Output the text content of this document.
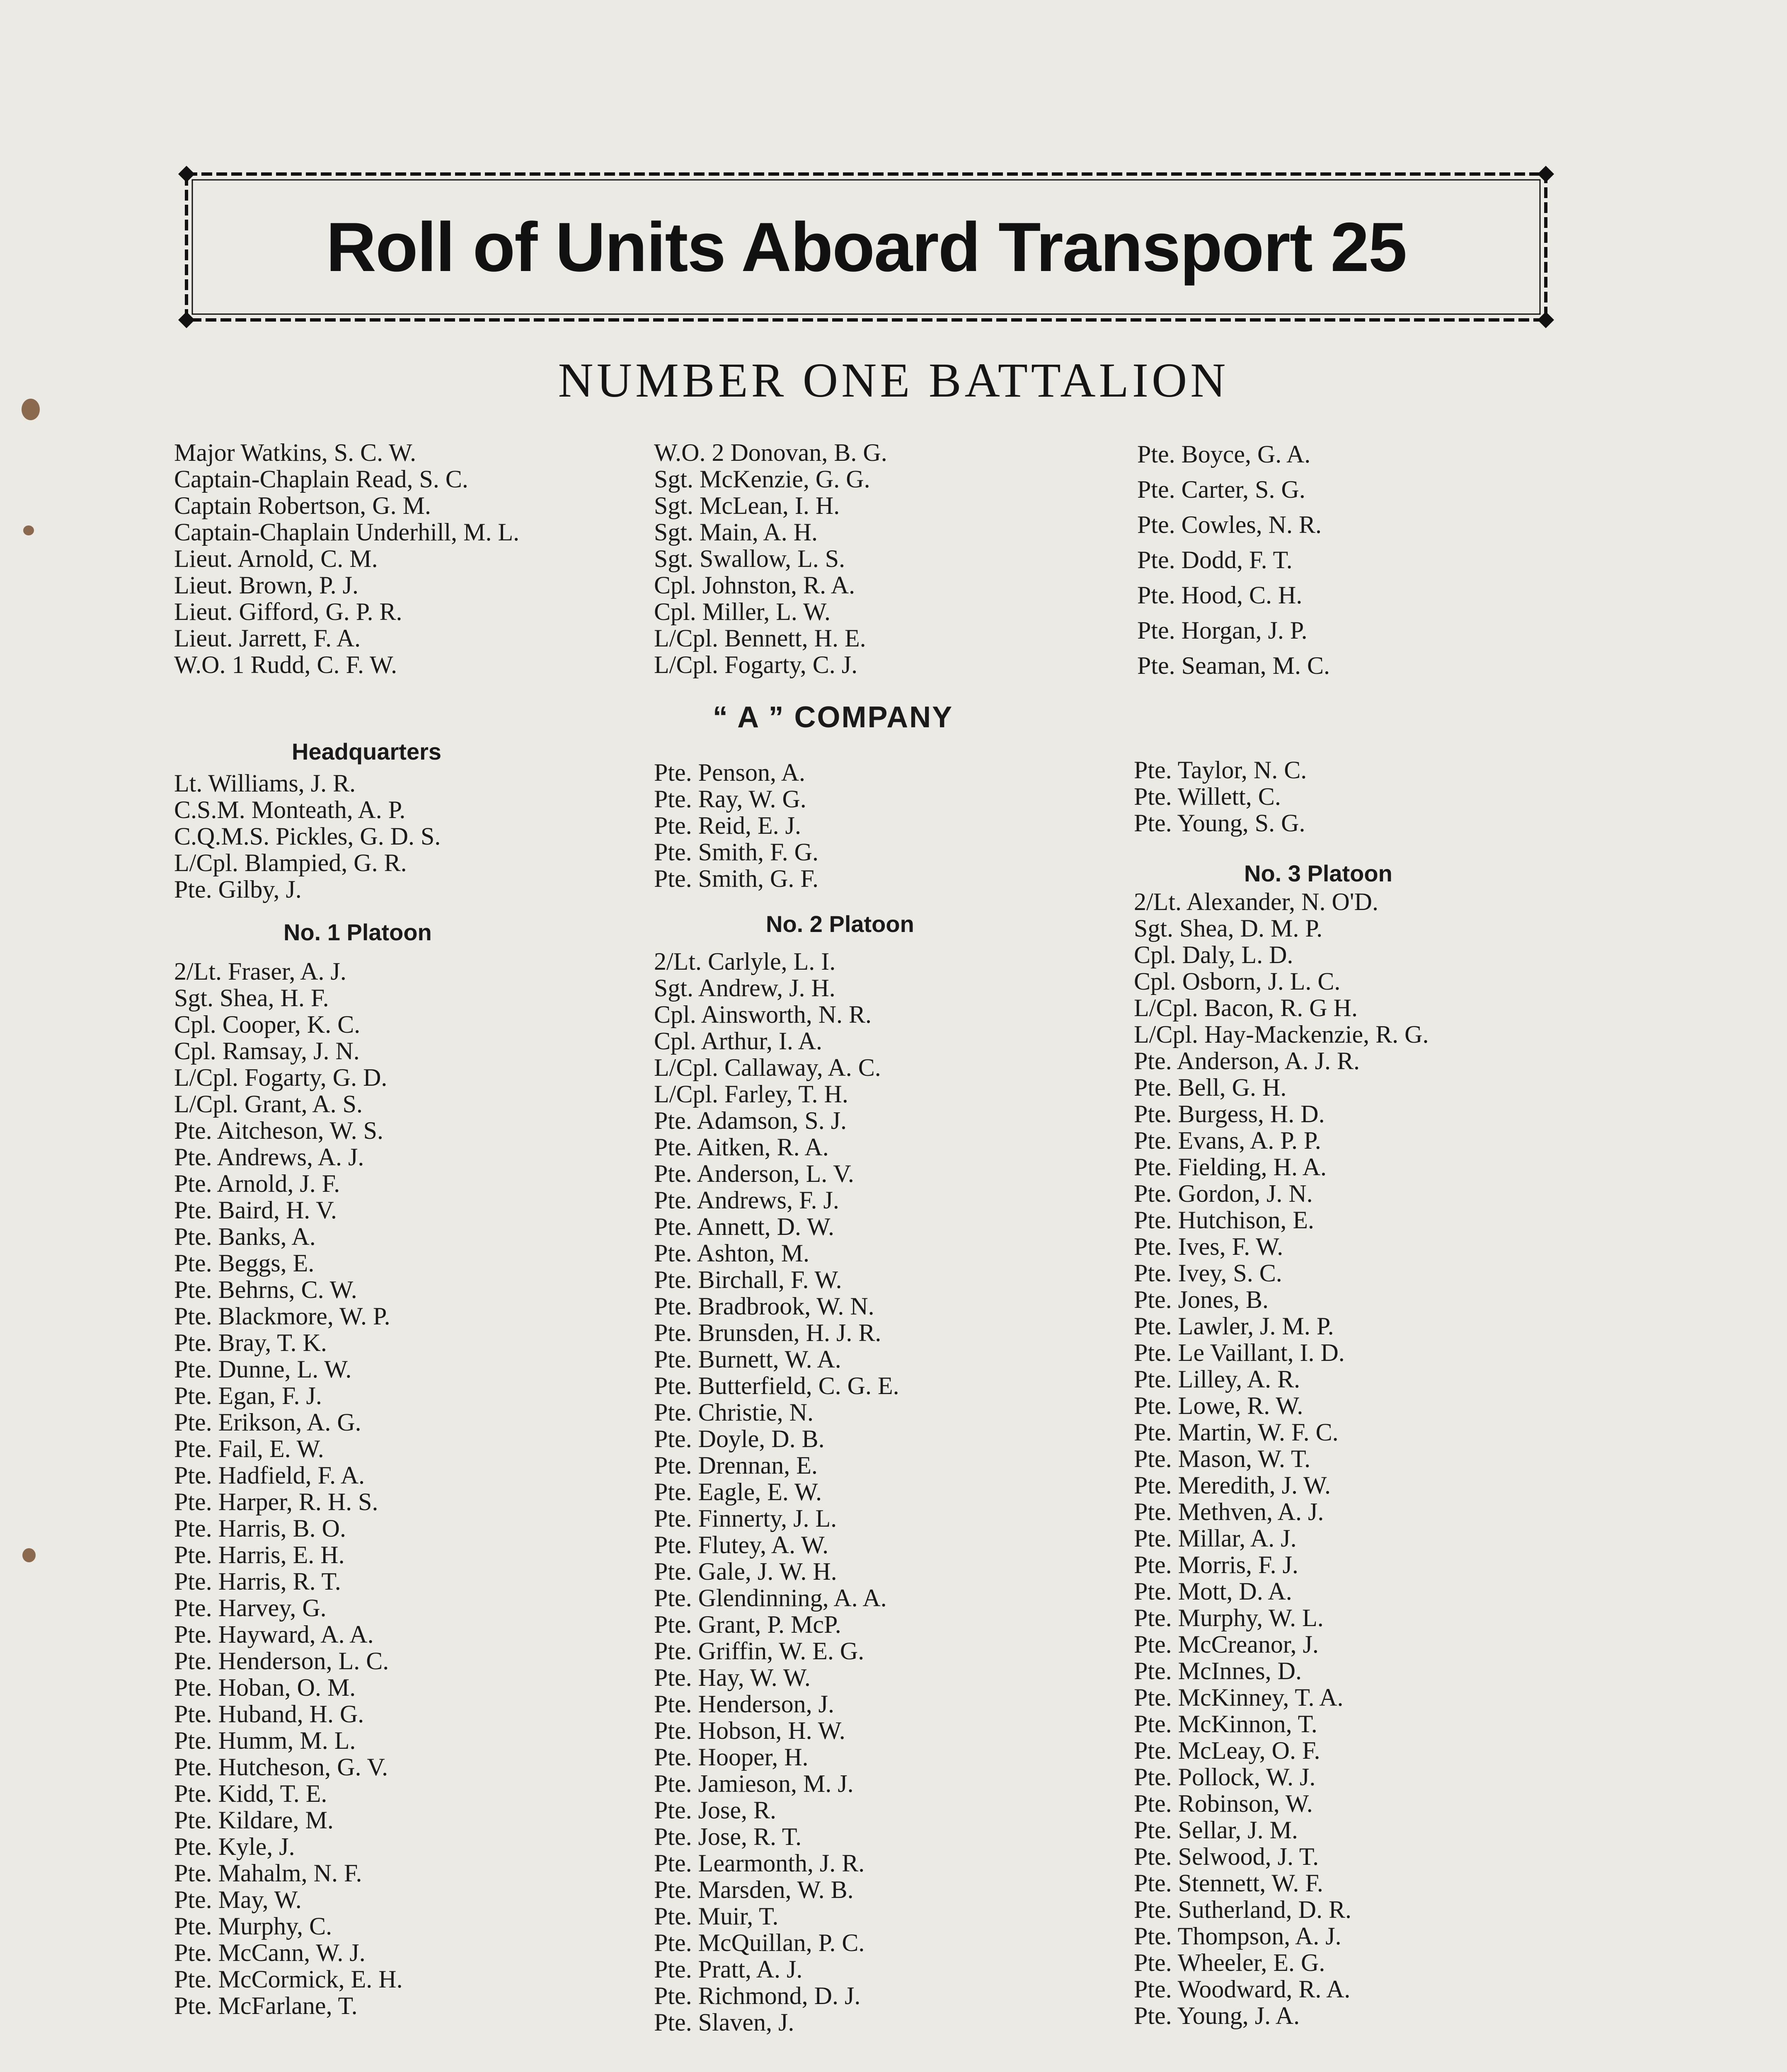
Roll of Units Aboard Transport 25
NUMBER ONE BATTALION
Major Watkins, S. C. W.
Captain-Chaplain Read, S. C.
Captain Robertson, G. M.
Captain-Chaplain Underhill, M. L.
Lieut. Arnold, C. M.
Lieut. Brown, P. J.
Lieut. Gifford, G. P. R.
Lieut. Jarrett, F. A.
W.O. 1 Rudd, C. F. W.
Headquarters
Lt. Williams, J. R.
C.S.M. Monteath, A. P.
C.Q.M.S. Pickles, G. D. S.
L/Cpl. Blampied, G. R.
Pte. Gilby, J.
No. 1 Platoon
2/Lt. Fraser, A. J.
Sgt. Shea, H. F.
Cpl. Cooper, K. C.
Cpl. Ramsay, J. N.
L/Cpl. Fogarty, G. D.
L/Cpl. Grant, A. S.
Pte. Aitcheson, W. S.
Pte. Andrews, A. J.
Pte. Arnold, J. F.
Pte. Baird, H. V.
Pte. Banks, A.
Pte. Beggs, E.
Pte. Behrns, C. W.
Pte. Blackmore, W. P.
Pte. Bray, T. K.
Pte. Dunne, L. W.
Pte. Egan, F. J.
Pte. Erikson, A. G.
Pte. Fail, E. W.
Pte. Hadfield, F. A.
Pte. Harper, R. H. S.
Pte. Harris, B. O.
Pte. Harris, E. H.
Pte. Harris, R. T.
Pte. Harvey, G.
Pte. Hayward, A. A.
Pte. Henderson, L. C.
Pte. Hoban, O. M.
Pte. Huband, H. G.
Pte. Humm, M. L.
Pte. Hutcheson, G. V.
Pte. Kidd, T. E.
Pte. Kildare, M.
Pte. Kyle, J.
Pte. Mahalm, N. F.
Pte. May, W.
Pte. Murphy, C.
Pte. McCann, W. J.
Pte. McCormick, E. H.
Pte. McFarlane, T.
W.O. 2 Donovan, B. G.
Sgt. McKenzie, G. G.
Sgt. McLean, I. H.
Sgt. Main, A. H.
Sgt. Swallow, L. S.
Cpl. Johnston, R. A.
Cpl. Miller, L. W.
L/Cpl. Bennett, H. E.
L/Cpl. Fogarty, C. J.
Pte. Boyce, G. A.
Pte. Carter, S. G.
Pte. Cowles, N. R.
Pte. Dodd, F. T.
Pte. Hood, C. H.
Pte. Horgan, J. P.
Pte. Seaman, M. C.
“ A ” COMPANY
Pte. Penson, A.
Pte. Ray, W. G.
Pte. Reid, E. J.
Pte. Smith, F. G.
Pte. Smith, G. F.
No. 2 Platoon
2/Lt. Carlyle, L. I.
Sgt. Andrew, J. H.
Cpl. Ainsworth, N. R.
Cpl. Arthur, I. A.
L/Cpl. Callaway, A. C.
L/Cpl. Farley, T. H.
Pte. Adamson, S. J.
Pte. Aitken, R. A.
Pte. Anderson, L. V.
Pte. Andrews, F. J.
Pte. Annett, D. W.
Pte. Ashton, M.
Pte. Birchall, F. W.
Pte. Bradbrook, W. N.
Pte. Brunsden, H. J. R.
Pte. Burnett, W. A.
Pte. Butterfield, C. G. E.
Pte. Christie, N.
Pte. Doyle, D. B.
Pte. Drennan, E.
Pte. Eagle, E. W.
Pte. Finnerty, J. L.
Pte. Flutey, A. W.
Pte. Gale, J. W. H.
Pte. Glendinning, A. A.
Pte. Grant, P. McP.
Pte. Griffin, W. E. G.
Pte. Hay, W. W.
Pte. Henderson, J.
Pte. Hobson, H. W.
Pte. Hooper, H.
Pte. Jamieson, M. J.
Pte. Jose, R.
Pte. Jose, R. T.
Pte. Learmonth, J. R.
Pte. Marsden, W. B.
Pte. Muir, T.
Pte. McQuillan, P. C.
Pte. Pratt, A. J.
Pte. Richmond, D. J.
Pte. Slaven, J.
Pte. Taylor, N. C.
Pte. Willett, C.
Pte. Young, S. G.
No. 3 Platoon
2/Lt. Alexander, N. O'D.
Sgt. Shea, D. M. P.
Cpl. Daly, L. D.
Cpl. Osborn, J. L. C.
L/Cpl. Bacon, R. G H.
L/Cpl. Hay-Mackenzie, R. G.
Pte. Anderson, A. J. R.
Pte. Bell, G. H.
Pte. Burgess, H. D.
Pte. Evans, A. P. P.
Pte. Fielding, H. A.
Pte. Gordon, J. N.
Pte. Hutchison, E.
Pte. Ives, F. W.
Pte. Ivey, S. C.
Pte. Jones, B.
Pte. Lawler, J. M. P.
Pte. Le Vaillant, I. D.
Pte. Lilley, A. R.
Pte. Lowe, R. W.
Pte. Martin, W. F. C.
Pte. Mason, W. T.
Pte. Meredith, J. W.
Pte. Methven, A. J.
Pte. Millar, A. J.
Pte. Morris, F. J.
Pte. Mott, D. A.
Pte. Murphy, W. L.
Pte. McCreanor, J.
Pte. McInnes, D.
Pte. McKinney, T. A.
Pte. McKinnon, T.
Pte. McLeay, O. F.
Pte. Pollock, W. J.
Pte. Robinson, W.
Pte. Sellar, J. M.
Pte. Selwood, J. T.
Pte. Stennett, W. F.
Pte. Sutherland, D. R.
Pte. Thompson, A. J.
Pte. Wheeler, E. G.
Pte. Woodward, R. A.
Pte. Young, J. A.
